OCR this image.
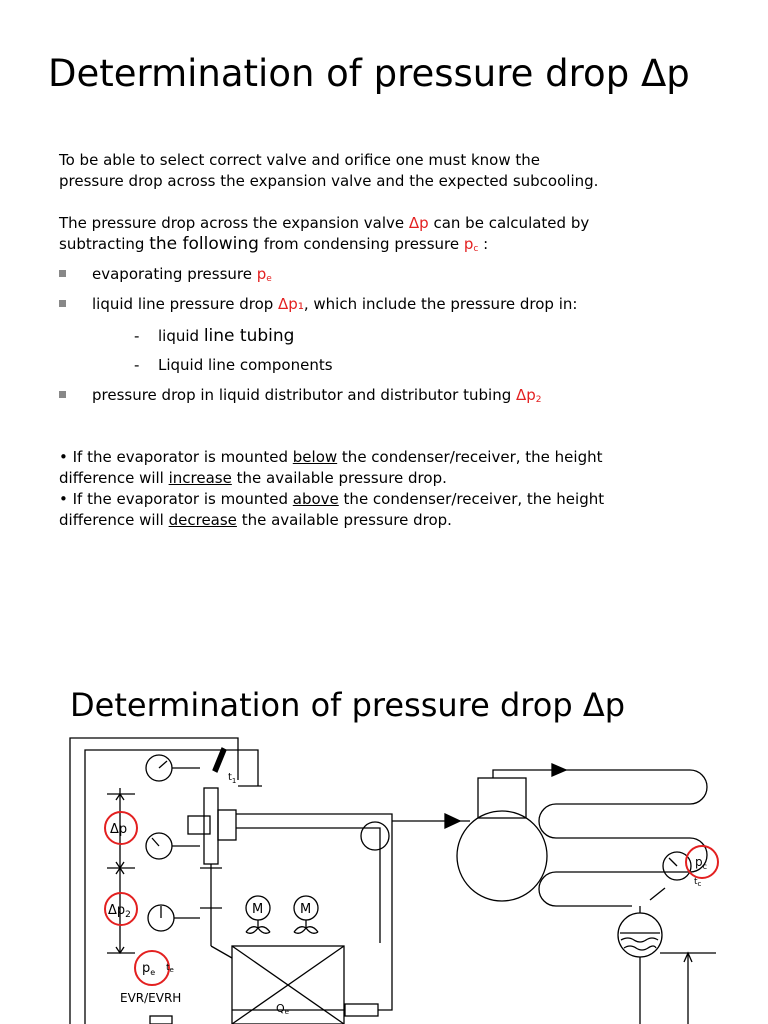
Determination of pressure drop Δp
To be able to select correct valve and orifice one must know the
pressure drop across the expansion valve and the expected subcooling.
The pressure drop across the expansion valve Δp can be calculated by
subtracting the following from condensing pressure $p_c$ :
evaporating pressure $p_e$
liquid line pressure drop Δp₁, which include the pressure drop in:
- liquid line tubing
- Liquid line components
pressure drop in liquid distributor and distributor tubing $\Delta p_2$
• If the evaporator is mounted below the condenser/receiver, the height
difference will increase the available pressure drop.
• If the evaporator is mounted above the condenser/receiver, the height
difference will decrease the available pressure drop.
Determination of pressure drop Δp
$t_1$
Δp
$\Delta p_2$	M	M
$p_e$ $t_e$
Qe
EVR/EVRH
$p_c$
$t_c$
